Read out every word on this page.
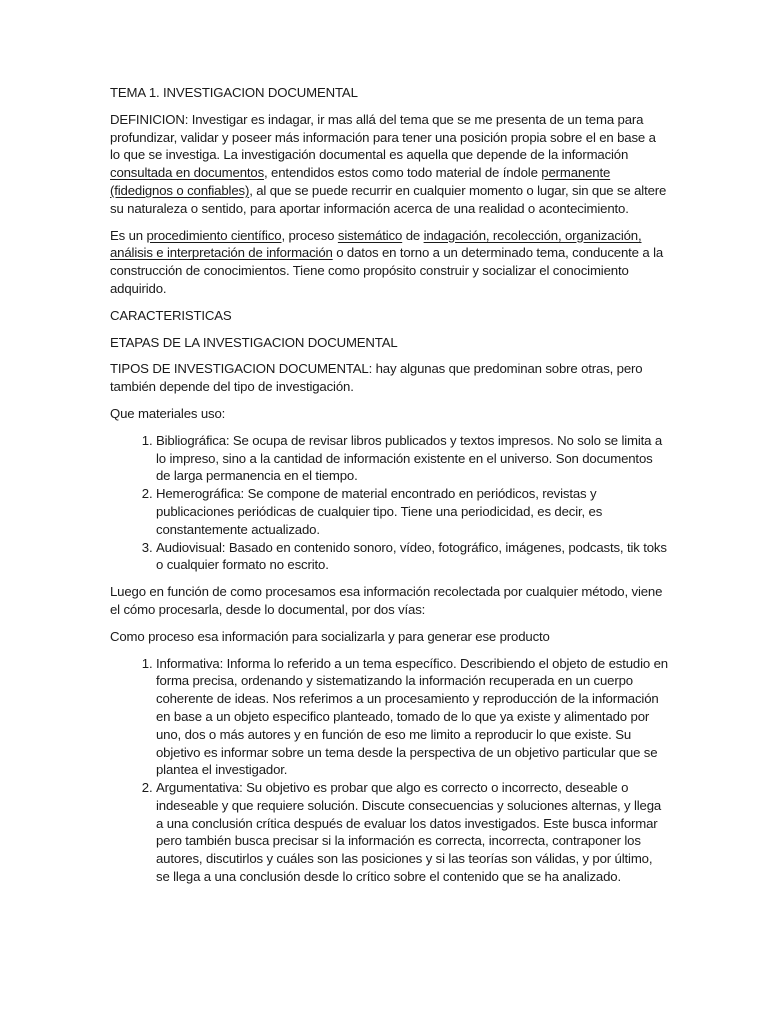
TEMA 1. INVESTIGACION DOCUMENTAL

DEFINICION: Investigar es indagar, ir mas allá del tema que se me presenta de un tema para profundizar, validar y poseer más información para tener una posición propia sobre el en base a lo que se investiga. La investigación documental es aquella que depende de la información consultada en documentos, entendidos estos como todo material de índole permanente (fidedignos o confiables), al que se puede recurrir en cualquier momento o lugar, sin que se altere su naturaleza o sentido, para aportar información acerca de una realidad o acontecimiento.

Es un procedimiento científico, proceso sistemático de indagación, recolección, organización, análisis e interpretación de información o datos en torno a un determinado tema, conducente a la construcción de conocimientos. Tiene como propósito construir y socializar el conocimiento adquirido.

CARACTERISTICAS

ETAPAS DE LA INVESTIGACION DOCUMENTAL

TIPOS DE INVESTIGACION DOCUMENTAL: hay algunas que predominan sobre otras, pero también depende del tipo de investigación.

Que materiales uso:

1. Bibliográfica: Se ocupa de revisar libros publicados y textos impresos. No solo se limita a lo impreso, sino a la cantidad de información existente en el universo. Son documentos de larga permanencia en el tiempo.
2. Hemerográfica: Se compone de material encontrado en periódicos, revistas y publicaciones periódicas de cualquier tipo. Tiene una periodicidad, es decir, es constantemente actualizado.
3. Audiovisual: Basado en contenido sonoro, vídeo, fotográfico, imágenes, podcasts, tik toks o cualquier formato no escrito.

Luego en función de como procesamos esa información recolectada por cualquier método, viene el cómo procesarla, desde lo documental, por dos vías:

Como proceso esa información para socializarla y para generar ese producto

1. Informativa: Informa lo referido a un tema específico. Describiendo el objeto de estudio en forma precisa, ordenando y sistematizando la información recuperada en un cuerpo coherente de ideas. Nos referimos a un procesamiento y reproducción de la información en base a un objeto especifico planteado, tomado de lo que ya existe y alimentado por uno, dos o más autores y en función de eso me limito a reproducir lo que existe. Su objetivo es informar sobre un tema desde la perspectiva de un objetivo particular que se plantea el investigador.
2. Argumentativa: Su objetivo es probar que algo es correcto o incorrecto, deseable o indeseable y que requiere solución. Discute consecuencias y soluciones alternas, y llega a una conclusión crítica después de evaluar los datos investigados. Este busca informar pero también busca precisar si la información es correcta, incorrecta, contraponer los autores, discutirlos y cuáles son las posiciones y si las teorías son válidas, y por último, se llega a una conclusión desde lo crítico sobre el contenido que se ha analizado.
